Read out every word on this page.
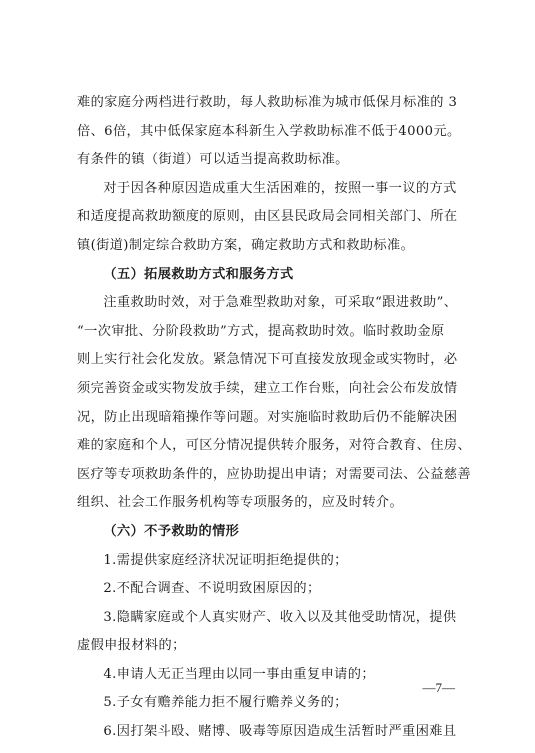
难的家庭分两档进行救助，每人救助标准为城市低保月标准的 3
倍、6倍，其中低保家庭本科新生入学救助标准不低于4000元。
有条件的镇（街道）可以适当提高救助标准。
对于因各种原因造成重大生活困难的，按照一事一议的方式
和适度提高救助额度的原则，由区县民政局会同相关部门、所在
镇(街道)制定综合救助方案，确定救助方式和救助标准。
（五）拓展救助方式和服务方式
注重救助时效，对于急难型救助对象，可采取“跟进救助”、
“一次审批、分阶段救助”方式，提高救助时效。临时救助金原
则上实行社会化发放。紧急情况下可直接发放现金或实物时，必
须完善资金或实物发放手续，建立工作台账，向社会公布发放情
况，防止出现暗箱操作等问题。对实施临时救助后仍不能解决困
难的家庭和个人，可区分情况提供转介服务，对符合教育、住房、
医疗等专项救助条件的，应协助提出申请；对需要司法、公益慈善
组织、社会工作服务机构等专项服务的，应及时转介。
（六）不予救助的情形
1.需提供家庭经济状况证明拒绝提供的；
2.不配合调查、不说明致困原因的；
3.隐瞒家庭或个人真实财产、收入以及其他受助情况，提供
虚假申报材料的；
4.申请人无正当理由以同一事由重复申请的；
5.子女有赡养能力拒不履行赡养义务的；
6.因打架斗殴、赌博、吸毒等原因造成生活暂时严重困难且
—7—
